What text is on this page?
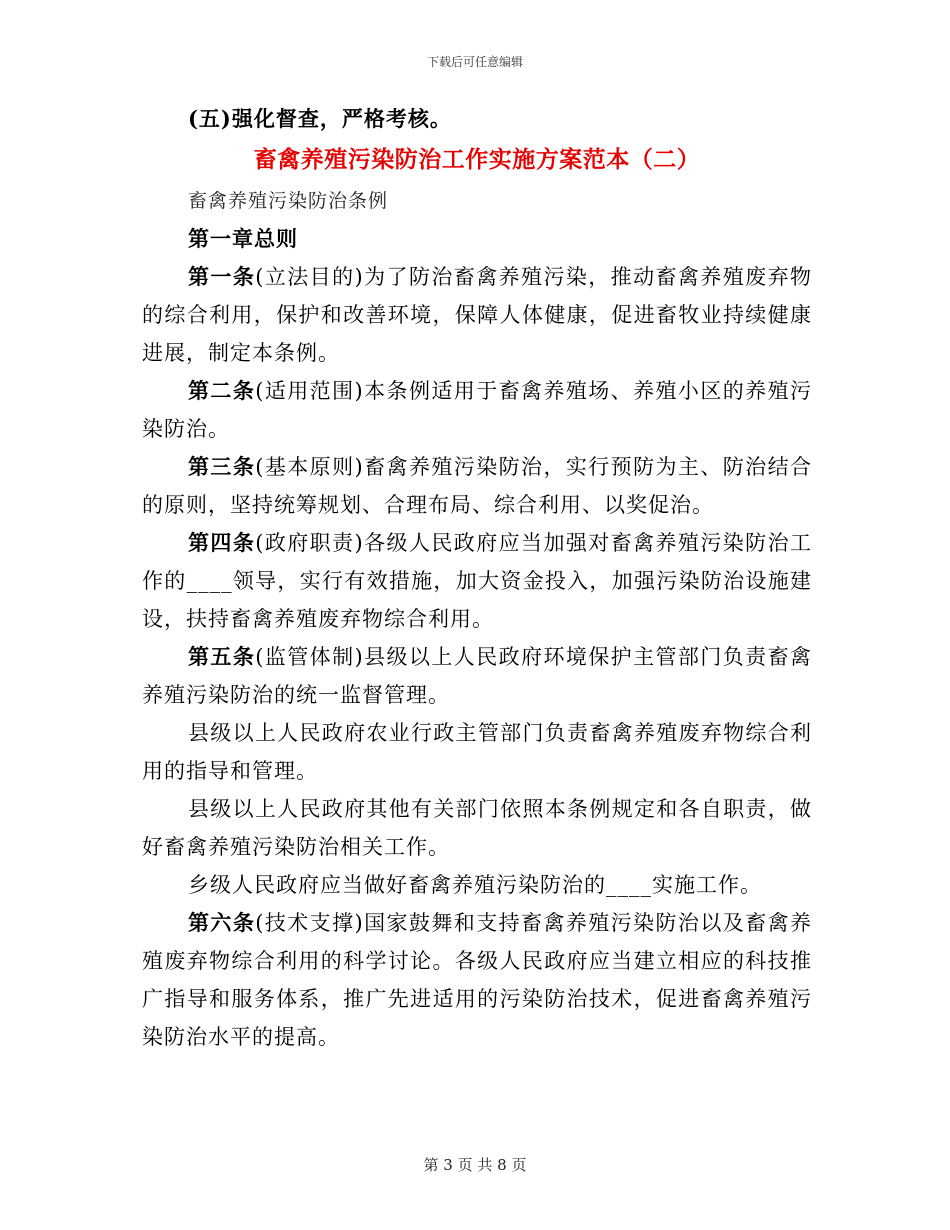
下载后可任意编辑

(五)强化督查，严格考核。

畜禽养殖污染防治工作实施方案范本（二）

畜禽养殖污染防治条例

第一章总则

第一条(立法目的)为了防治畜禽养殖污染，推动畜禽养殖废弃物的综合利用，保护和改善环境，保障人体健康，促进畜牧业持续健康进展，制定本条例。

第二条(适用范围)本条例适用于畜禽养殖场、养殖小区的养殖污染防治。

第三条(基本原则)畜禽养殖污染防治，实行预防为主、防治结合的原则，坚持统筹规划、合理布局、综合利用、以奖促治。

第四条(政府职责)各级人民政府应当加强对畜禽养殖污染防治工作的____领导，实行有效措施，加大资金投入，加强污染防治设施建设，扶持畜禽养殖废弃物综合利用。

第五条(监管体制)县级以上人民政府环境保护主管部门负责畜禽养殖污染防治的统一监督管理。

县级以上人民政府农业行政主管部门负责畜禽养殖废弃物综合利用的指导和管理。

县级以上人民政府其他有关部门依照本条例规定和各自职责，做好畜禽养殖污染防治相关工作。

乡级人民政府应当做好畜禽养殖污染防治的____实施工作。

第六条(技术支撑)国家鼓舞和支持畜禽养殖污染防治以及畜禽养殖废弃物综合利用的科学讨论。各级人民政府应当建立相应的科技推广指导和服务体系，推广先进适用的污染防治技术，促进畜禽养殖污染防治水平的提高。

第 3 页 共 8 页
